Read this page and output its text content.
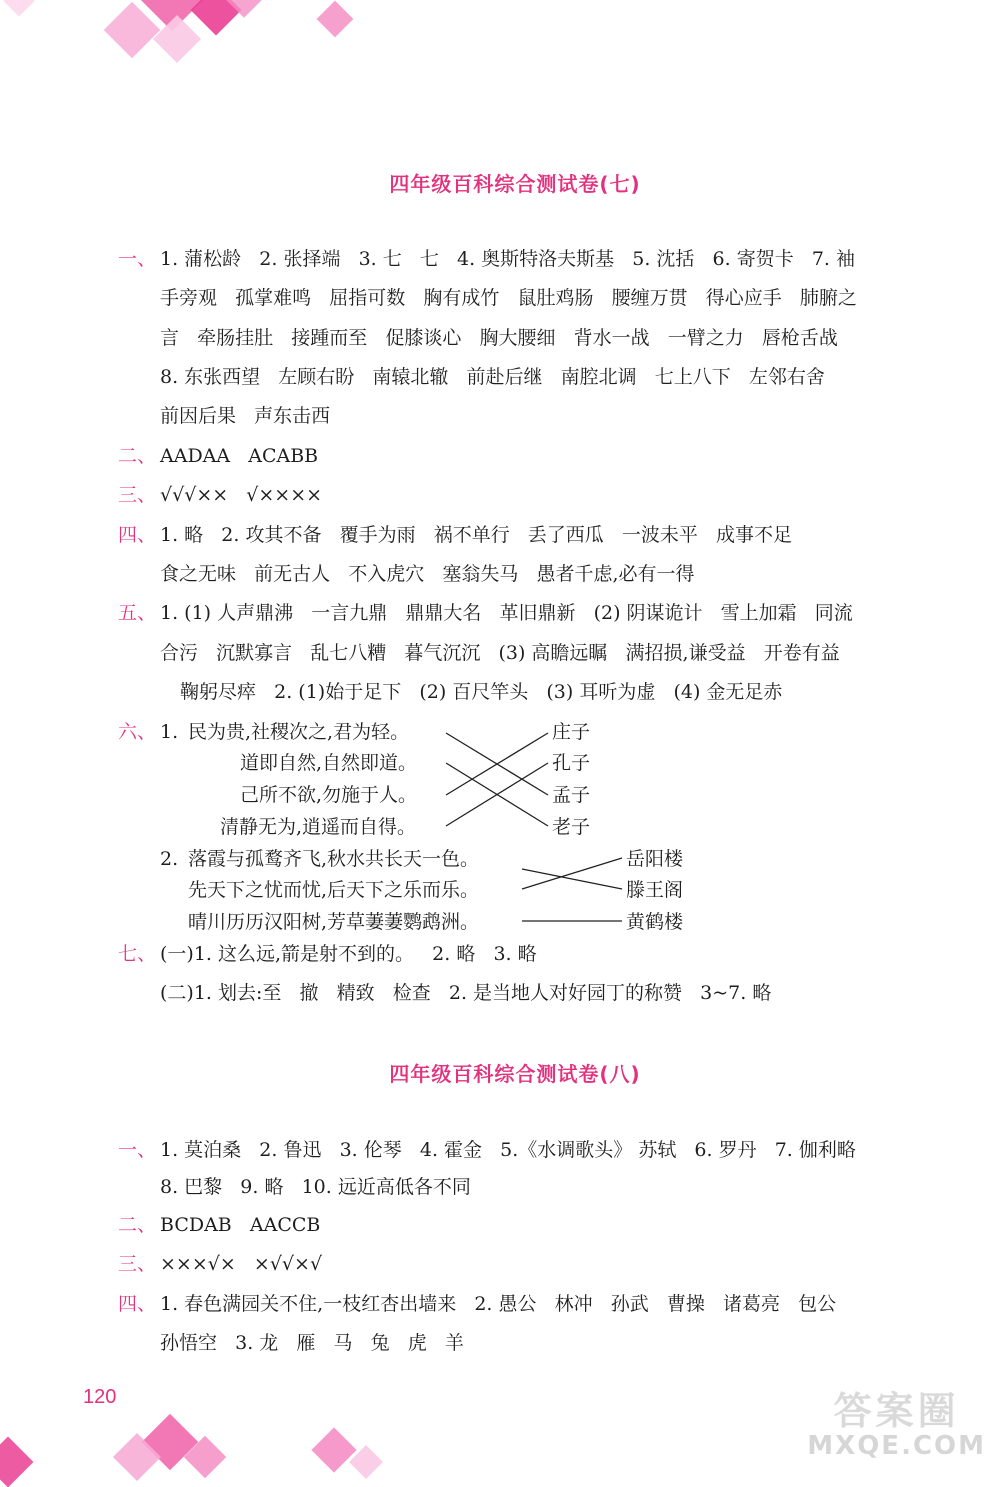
四年级百科综合测试卷(七)
一、 1. 蒲松龄   2. 张择端   3. 七   七   4. 奥斯特洛夫斯基   5. 沈括   6. 寄贺卡   7. 袖
手旁观   孤掌难鸣   屈指可数   胸有成竹   鼠肚鸡肠   腰缠万贯   得心应手   肺腑之
言   牵肠挂肚   接踵而至   促膝谈心   胸大腰细   背水一战   一臂之力   唇枪舌战
8. 东张西望   左顾右盼   南辕北辙   前赴后继   南腔北调   七上八下   左邻右舍
前因后果   声东击西
二、 AADAA   ACABB
三、 √√√××   √××××
四、 1. 略   2. 攻其不备   覆手为雨   祸不单行   丢了西瓜   一波未平   成事不足
食之无味   前无古人   不入虎穴   塞翁失马   愚者千虑,必有一得
五、 1. (1) 人声鼎沸   一言九鼎   鼎鼎大名   革旧鼎新   (2) 阴谋诡计   雪上加霜   同流
合污   沉默寡言   乱七八糟   暮气沉沉   (3) 高瞻远瞩   满招损,谦受益   开卷有益
鞠躬尽瘁   2. (1)始于足下   (2) 百尺竿头   (3) 耳听为虚   (4) 金无足赤
六、 1. 民为贵,社稷次之,君为轻。
道即自然,自然即道。
己所不欲,勿施于人。
清静无为,逍遥而自得。
庄子
孔子
孟子
老子
2. 落霞与孤鹜齐飞,秋水共长天一色。
先天下之忧而忧,后天下之乐而乐。
晴川历历汉阳树,芳草萋萋鹦鹉洲。
岳阳楼
滕王阁
黄鹤楼
七、 (一)1. 这么远,箭是射不到的。   2. 略   3. 略
(二)1. 划去:至   撤   精致   检查   2. 是当地人对好园丁的称赞   3~7. 略
四年级百科综合测试卷(八)
一、 1. 莫泊桑   2. 鲁迅   3. 伦琴   4. 霍金   5.《水调歌头》 苏轼   6. 罗丹   7. 伽利略
8. 巴黎   9. 略   10. 远近高低各不同
二、 BCDAB   AACCB
三、 ×××√×   ×√√×√
四、 1. 春色满园关不住,一枝红杏出墙来   2. 愚公   林冲   孙武   曹操   诸葛亮   包公
孙悟空   3. 龙   雁   马   兔   虎   羊
120	答案圈
MXQE.COM
